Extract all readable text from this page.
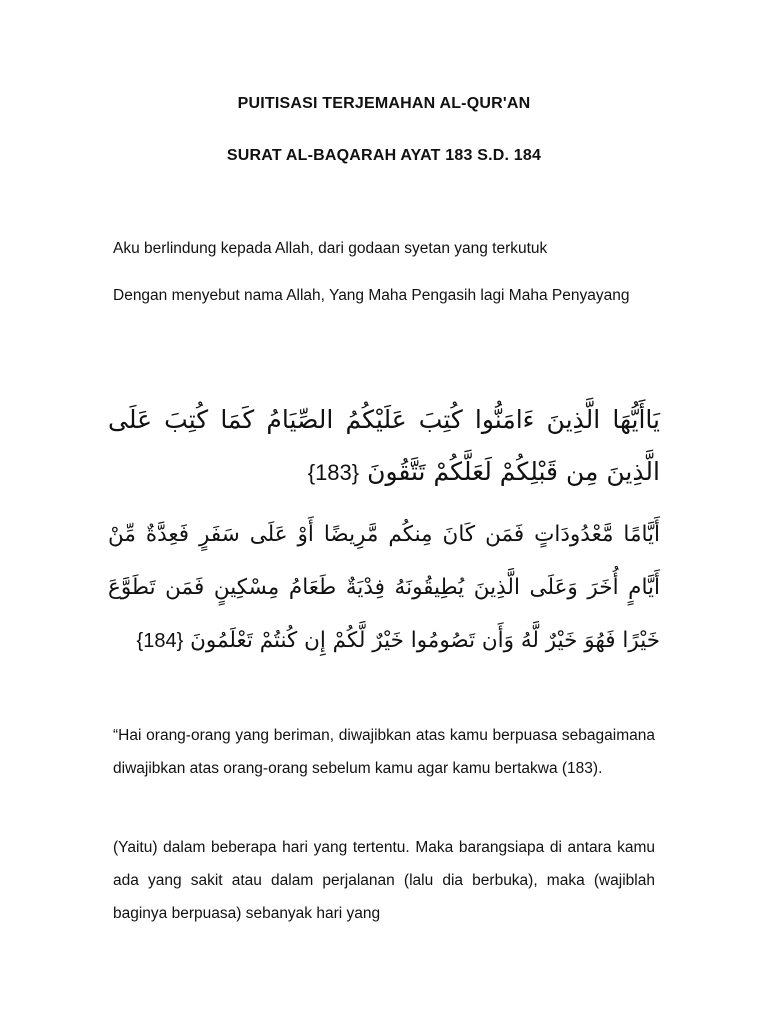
PUITISASI TERJEMAHAN AL-QUR'AN
SURAT AL-BAQARAH AYAT 183 S.D. 184
Aku berlindung kepada Allah, dari godaan syetan yang terkutuk
Dengan menyebut nama Allah, Yang Maha Pengasih lagi Maha Penyayang
يَاأَيُّهَا الَّذِينَ ءَامَنُّوا كُتِبَ عَلَيْكُمُ الصِّيَامُ كَمَا كُتِبَ عَلَى الَّذِينَ مِن قَبْلِكُمْ لَعَلَّكُمْ تَتَّقُونَ {183}
أَيَّامًا مَّعْدُودَاتٍ فَمَن كَانَ مِنكُم مَّرِيضًا أَوْ عَلَى سَفَرٍ فَعِدَّةٌ مِّنْ أَيَّامٍ أُخَرَ وَعَلَى الَّذِينَ يُطِيقُونَهُ فِدْيَةٌ طَعَامُ مِسْكِينٍ فَمَن تَطَوَّعَ خَيْرًا فَهُوَ خَيْرٌ لَّهُ وَأَن تَصُومُوا خَيْرٌ لَّكُمْ إِن كُنتُمْ تَعْلَمُونَ {184}
“Hai orang-orang yang beriman, diwajibkan atas kamu berpuasa sebagaimana diwajibkan atas orang-orang sebelum kamu agar kamu bertakwa (183).
(Yaitu) dalam beberapa hari yang tertentu. Maka barangsiapa di antara kamu ada yang sakit atau dalam perjalanan (lalu dia berbuka), maka (wajiblah baginya berpuasa) sebanyak hari yang
